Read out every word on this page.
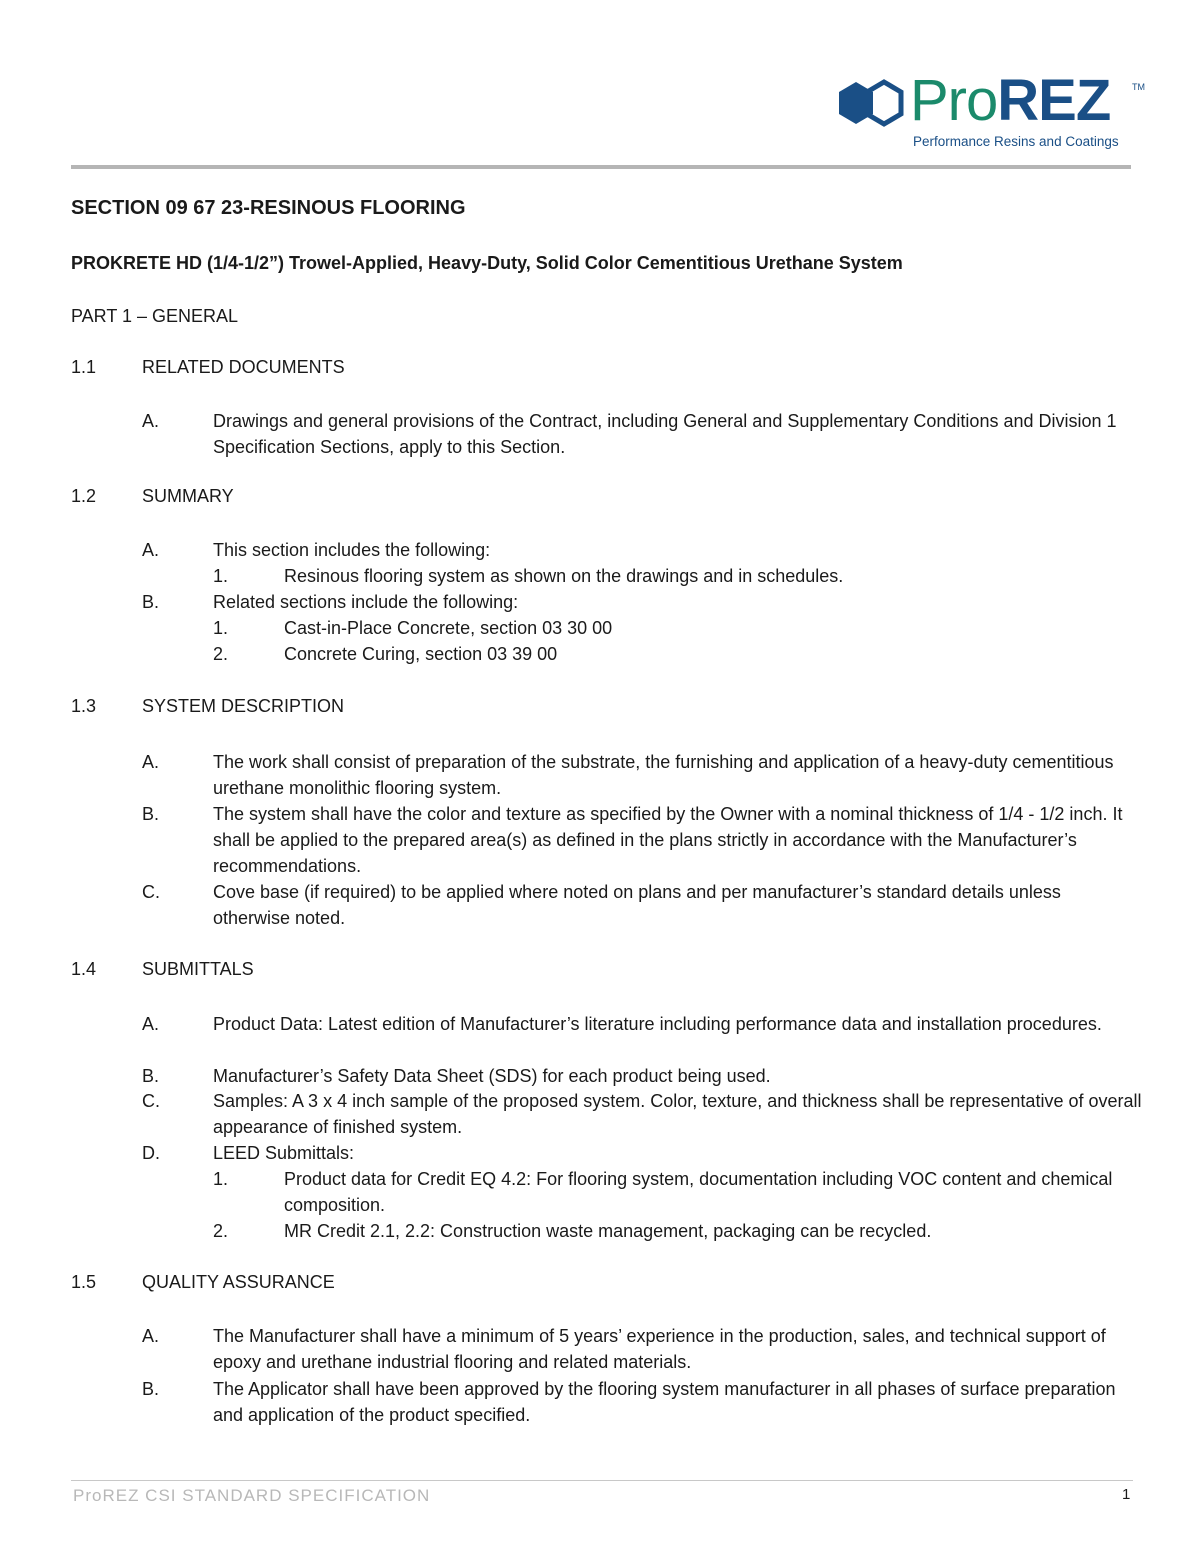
ProREZ TM
Performance Resins and Coatings
SECTION 09 67 23-RESINOUS FLOORING
PROKRETE HD (1/4-1/2”) Trowel-Applied, Heavy-Duty, Solid Color Cementitious Urethane System
PART 1 – GENERAL
1.1	RELATED DOCUMENTS
A.	Drawings and general provisions of the Contract, including General and Supplementary Conditions and Division 1 Specification Sections, apply to this Section.
1.2	SUMMARY
A.	This section includes the following:
1.	Resinous flooring system as shown on the drawings and in schedules.
B.	Related sections include the following:
1.	Cast-in-Place Concrete, section 03 30 00
2.	Concrete Curing, section 03 39 00
1.3	SYSTEM DESCRIPTION
A.	The work shall consist of preparation of the substrate, the furnishing and application of a heavy-duty cementitious urethane monolithic flooring system.
B.	The system shall have the color and texture as specified by the Owner with a nominal thickness of 1/4 - 1/2 inch. It shall be applied to the prepared area(s) as defined in the plans strictly in accordance with the Manufacturer’s recommendations.
C.	Cove base (if required) to be applied where noted on plans and per manufacturer’s standard details unless otherwise noted.
1.4	SUBMITTALS
A.	Product Data: Latest edition of Manufacturer’s literature including performance data and installation procedures.
B.	Manufacturer’s Safety Data Sheet (SDS) for each product being used.
C.	Samples: A 3 x 4 inch sample of the proposed system. Color, texture, and thickness shall be representative of overall appearance of finished system.
D.	LEED Submittals:
1.	Product data for Credit EQ 4.2: For flooring system, documentation including VOC content and chemical composition.
2.	MR Credit 2.1, 2.2: Construction waste management, packaging can be recycled.
1.5	QUALITY ASSURANCE
A.	The Manufacturer shall have a minimum of 5 years’ experience in the production, sales, and technical support of epoxy and urethane industrial flooring and related materials.
B.	The Applicator shall have been approved by the flooring system manufacturer in all phases of surface preparation and application of the product specified.
ProREZ CSI STANDARD SPECIFICATION	1
